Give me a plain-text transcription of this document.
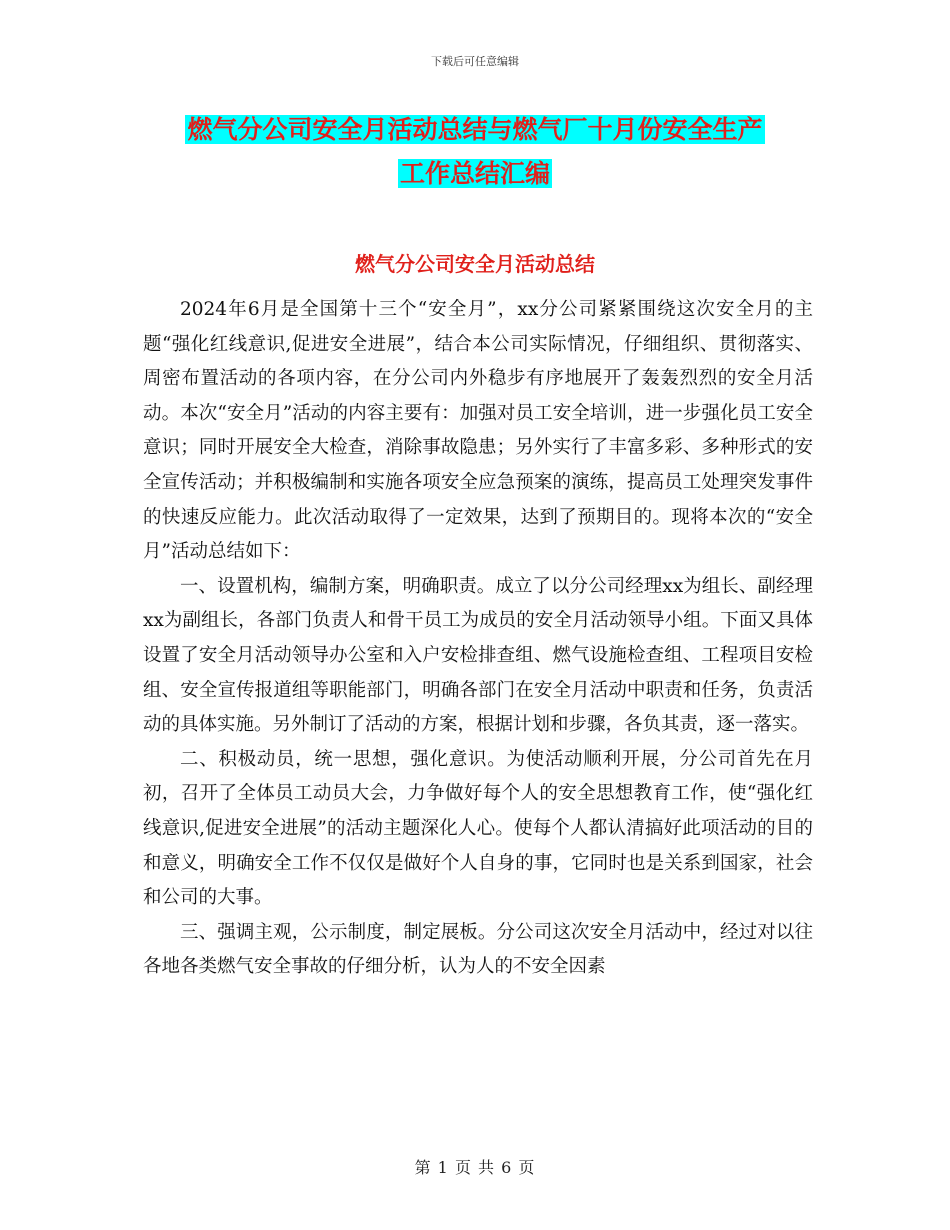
下载后可任意编辑
燃气分公司安全月活动总结与燃气厂十月份安全生产
工作总结汇编
燃气分公司安全月活动总结

2024年6月是全国第十三个“安全月”，xx分公司紧紧围绕这次安全月的主题“强化红线意识,促进安全进展”，结合本公司实际情况，仔细组织、贯彻落实、周密布置活动的各项内容，在分公司内外稳步有序地展开了轰轰烈烈的安全月活动。本次“安全月”活动的内容主要有：加强对员工安全培训，进一步强化员工安全意识；同时开展安全大检查，消除事故隐患；另外实行了丰富多彩、多种形式的安全宣传活动；并积极编制和实施各项安全应急预案的演练，提高员工处理突发事件的快速反应能力。此次活动取得了一定效果，达到了预期目的。现将本次的“安全月”活动总结如下：

一、设置机构，编制方案，明确职责。成立了以分公司经理xx为组长、副经理xx为副组长，各部门负责人和骨干员工为成员的安全月活动领导小组。下面又具体设置了安全月活动领导办公室和入户安检排查组、燃气设施检查组、工程项目安检组、安全宣传报道组等职能部门，明确各部门在安全月活动中职责和任务，负责活动的具体实施。另外制订了活动的方案，根据计划和步骤，各负其责，逐一落实。

二、积极动员，统一思想，强化意识。为使活动顺利开展，分公司首先在月初，召开了全体员工动员大会，力争做好每个人的安全思想教育工作，使“强化红线意识,促进安全进展”的活动主题深化人心。使每个人都认清搞好此项活动的目的和意义，明确安全工作不仅仅是做好个人自身的事，它同时也是关系到国家，社会和公司的大事。

三、强调主观，公示制度，制定展板。分公司这次安全月活动中，经过对以往各地各类燃气安全事故的仔细分析，认为人的不安全因素

第 1 页 共 6 页
